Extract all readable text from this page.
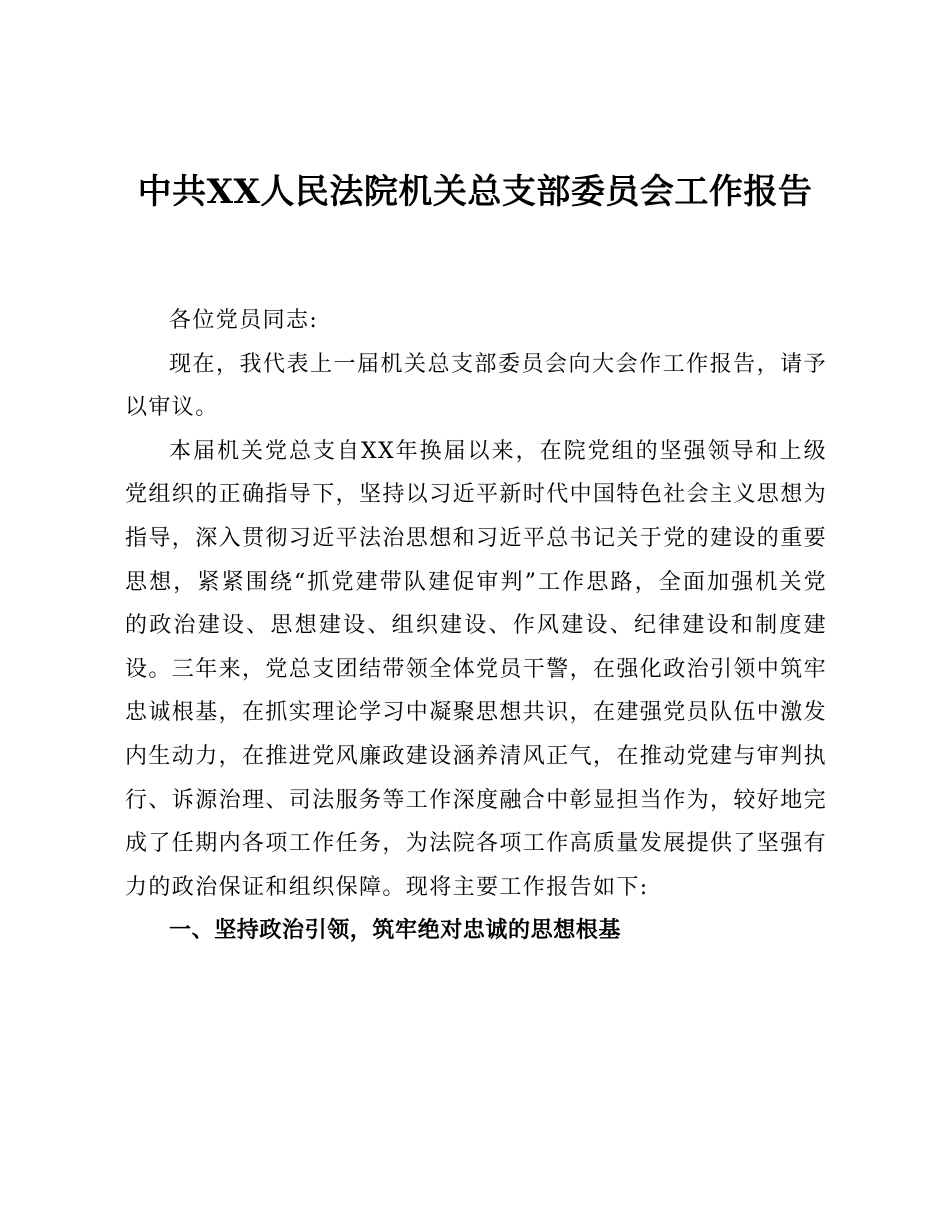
中共XX人民法院机关总支部委员会工作报告

各位党员同志:

现在，我代表上一届机关总支部委员会向大会作工作报告，请予以审议。

本届机关党总支自XX年换届以来，在院党组的坚强领导和上级党组织的正确指导下，坚持以习近平新时代中国特色社会主义思想为指导，深入贯彻习近平法治思想和习近平总书记关于党的建设的重要思想，紧紧围绕“抓党建带队建促审判”工作思路，全面加强机关党的政治建设、思想建设、组织建设、作风建设、纪律建设和制度建设。三年来，党总支团结带领全体党员干警，在强化政治引领中筑牢忠诚根基，在抓实理论学习中凝聚思想共识，在建强党员队伍中激发内生动力，在推进党风廉政建设涵养清风正气，在推动党建与审判执行、诉源治理、司法服务等工作深度融合中彰显担当作为，较好地完成了任期内各项工作任务，为法院各项工作高质量发展提供了坚强有力的政治保证和组织保障。现将主要工作报告如下:

一、坚持政治引领，筑牢绝对忠诚的思想根基
